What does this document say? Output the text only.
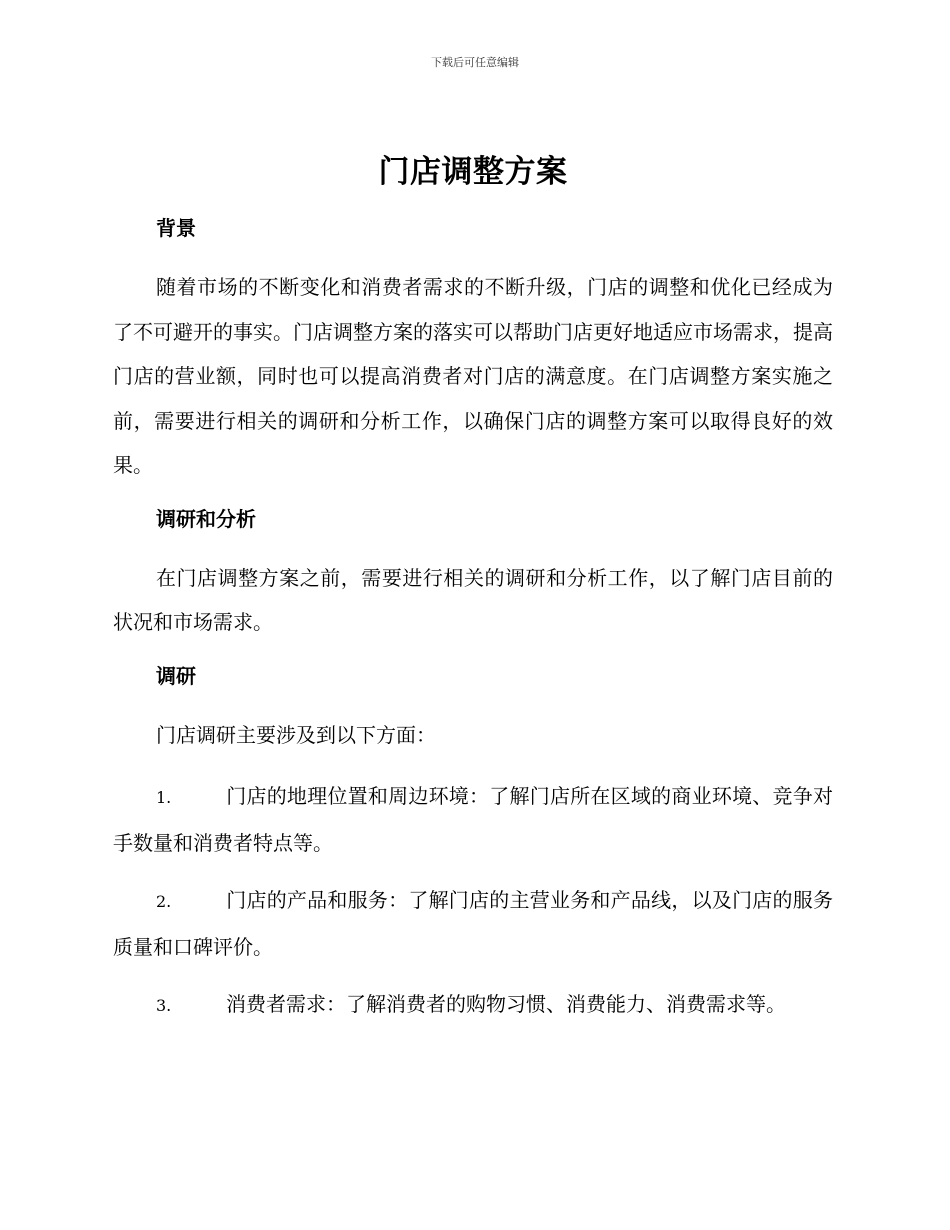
下载后可任意编辑
门店调整方案
背景

随着市场的不断变化和消费者需求的不断升级，门店的调整和优化已经成为了不可避开的事实。门店调整方案的落实可以帮助门店更好地适应市场需求，提高门店的营业额，同时也可以提高消费者对门店的满意度。在门店调整方案实施之前，需要进行相关的调研和分析工作，以确保门店的调整方案可以取得良好的效果。

调研和分析

在门店调整方案之前，需要进行相关的调研和分析工作，以了解门店目前的状况和市场需求。

调研

门店调研主要涉及到以下方面：

1.	门店的地理位置和周边环境：了解门店所在区域的商业环境、竞争对手数量和消费者特点等。
2.	门店的产品和服务：了解门店的主营业务和产品线，以及门店的服务质量和口碑评价。
3.	消费者需求：了解消费者的购物习惯、消费能力、消费需求等。
